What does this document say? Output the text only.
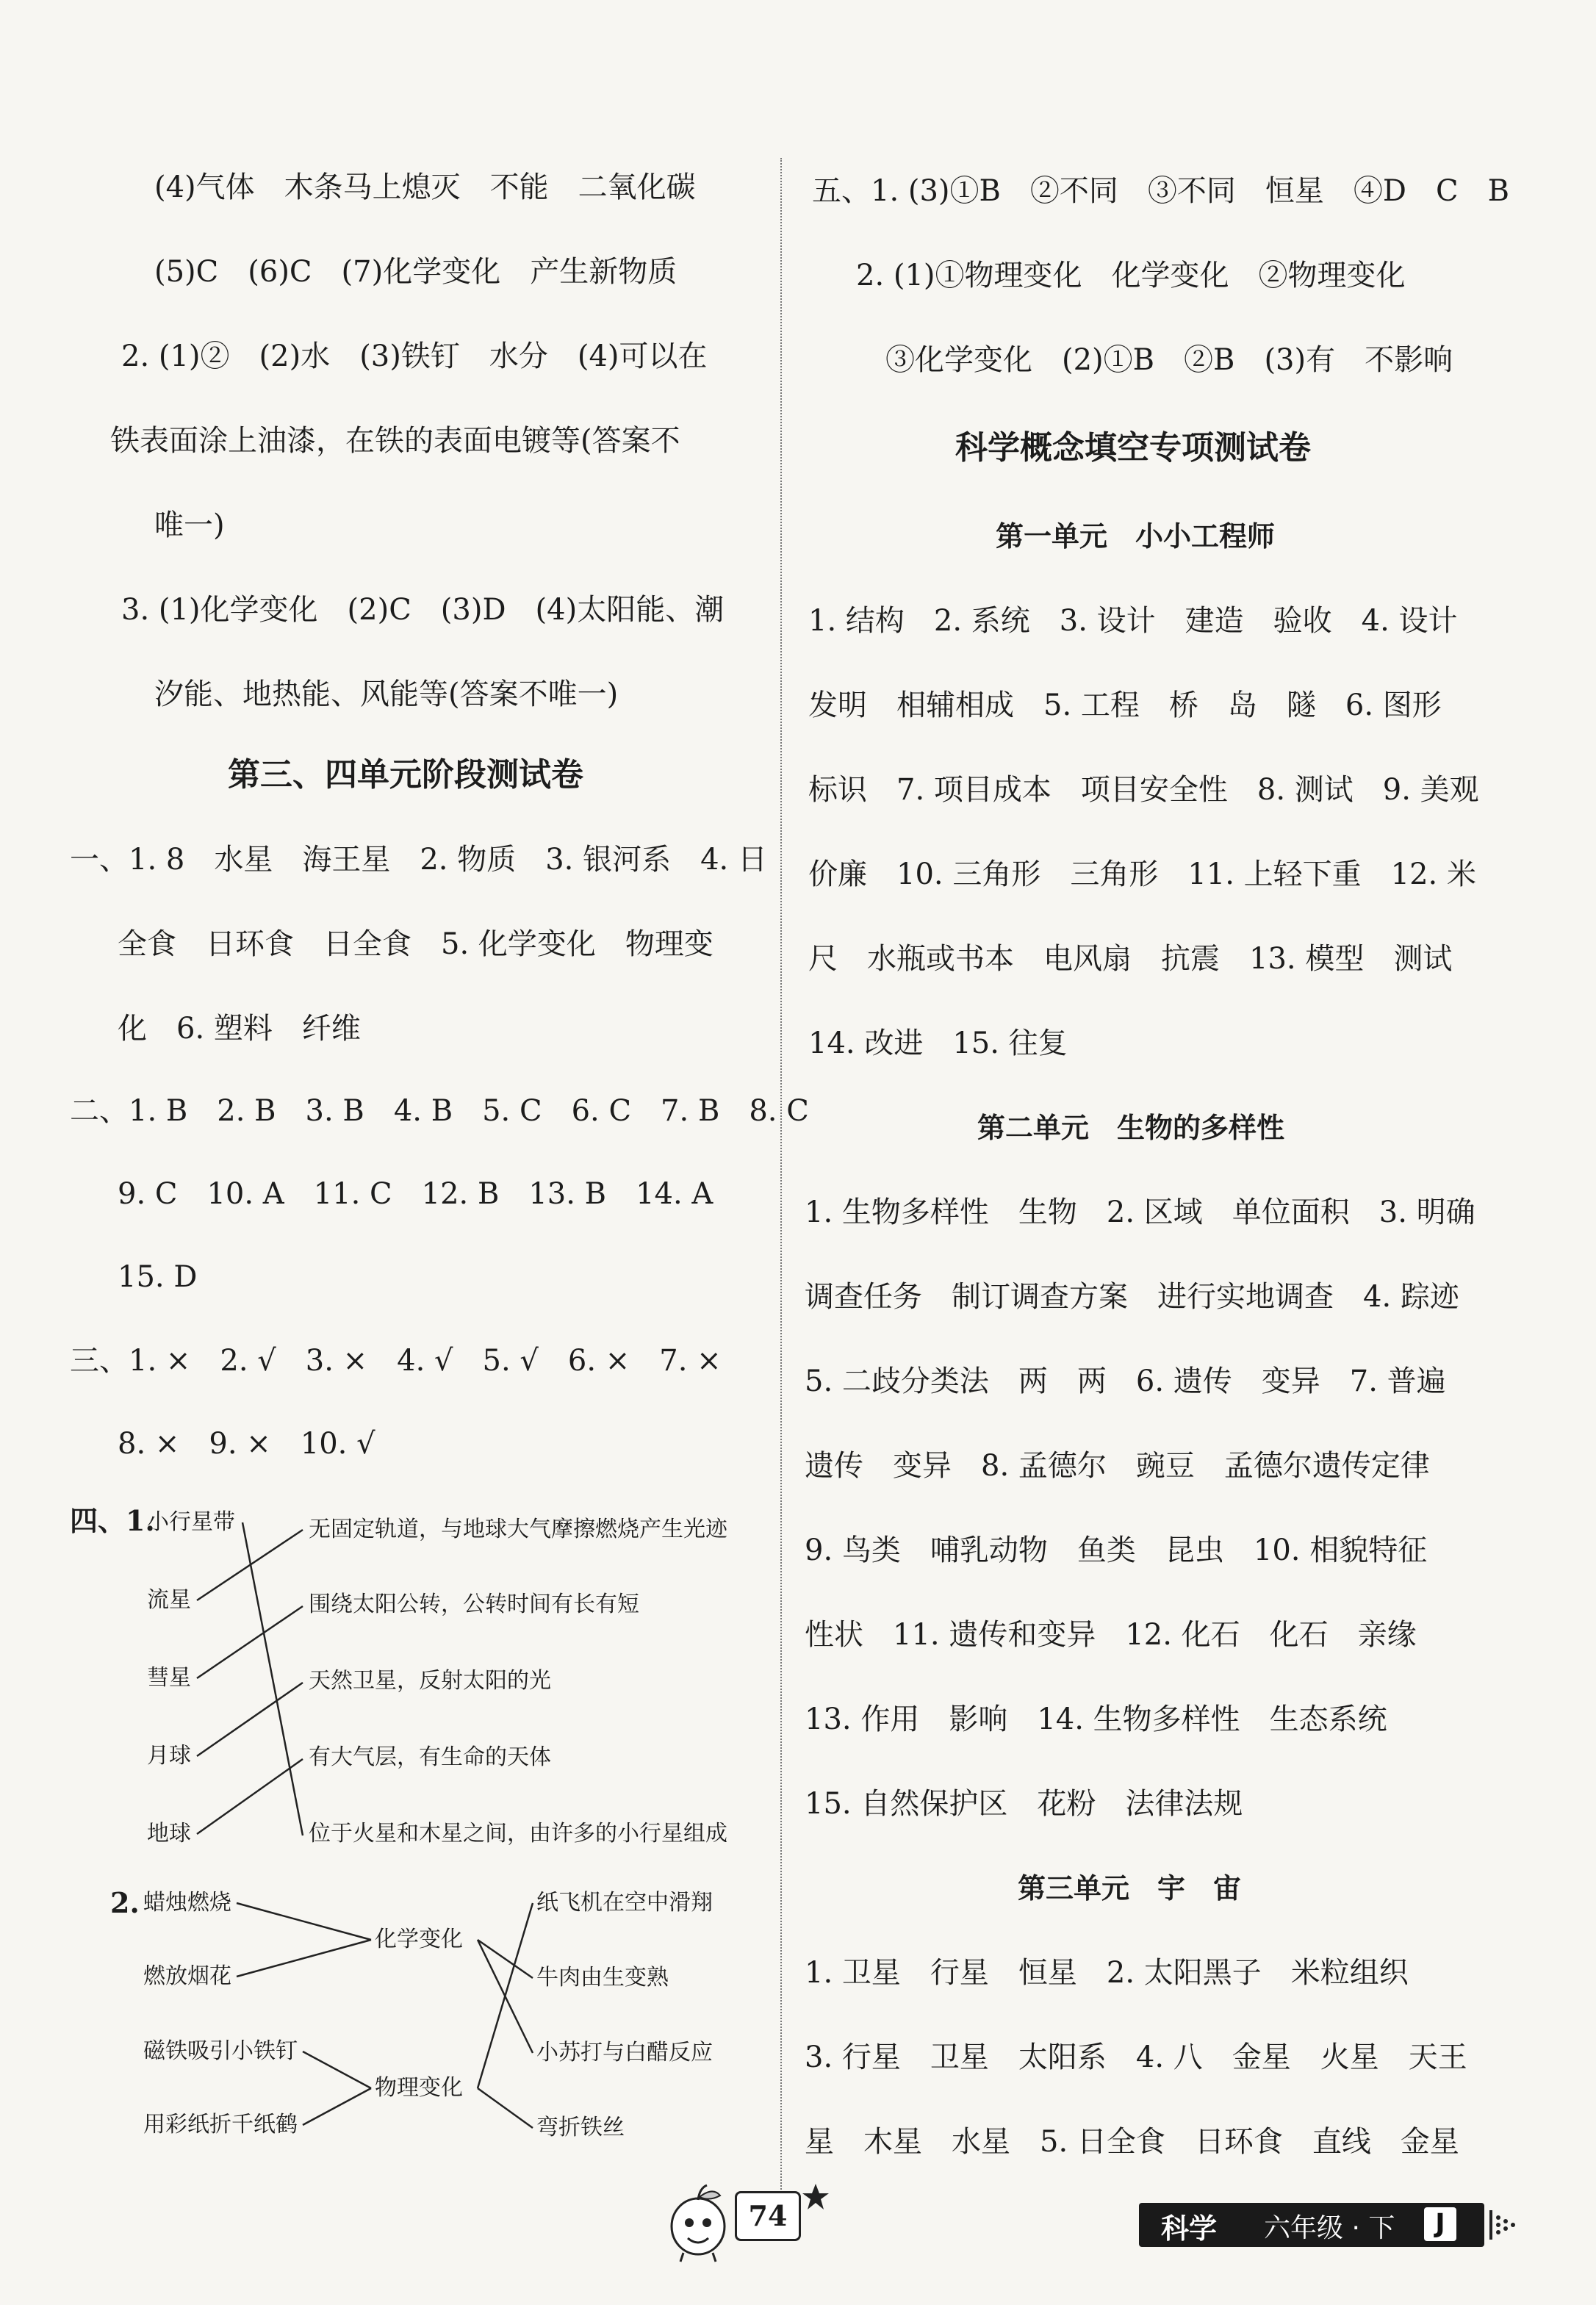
(4)气体　木条马上熄灭　不能　二氧化碳
(5)C　(6)C　(7)化学变化　产生新物质
2. (1)②　(2)水　(3)铁钉　水分　(4)可以在
铁表面涂上油漆，在铁的表面电镀等(答案不
唯一)
3. (1)化学变化　(2)C　(3)D　(4)太阳能、潮
汐能、地热能、风能等(答案不唯一)
第三、四单元阶段测试卷
一、1. 8　水星　海王星　2. 物质　3. 银河系　4. 日
全食　日环食　日全食　5. 化学变化　物理变
化　6. 塑料　纤维
二、1. B　2. B　3. B　4. B　5. C　6. C　7. B　8. C
9. C　10. A　11. C　12. B　13. B　14. A
15. D
三、1. ×　2. √　3. ×　4. √　5. √　6. ×　7. ×
8. ×　9. ×　10. √
四、1.
小行星带
流星
彗星
月球
地球
无固定轨道，与地球大气摩擦燃烧产生光迹
围绕太阳公转，公转时间有长有短
天然卫星，反射太阳的光
有大气层，有生命的天体
位于火星和木星之间，由许多的小行星组成
2. 蜡烛燃烧
燃放烟花
磁铁吸引小铁钉
用彩纸折千纸鹤
化学变化
物理变化
纸飞机在空中滑翔
牛肉由生变熟
小苏打与白醋反应
弯折铁丝
五、1. (3)①B　②不同　③不同　恒星　④D　C　B
2. (1)①物理变化　化学变化　②物理变化
③化学变化　(2)①B　②B　(3)有　不影响
科学概念填空专项测试卷
第一单元　小小工程师
1. 结构　2. 系统　3. 设计　建造　验收　4. 设计
发明　相辅相成　5. 工程　桥　岛　隧　6. 图形
标识　7. 项目成本　项目安全性　8. 测试　9. 美观
价廉　10. 三角形　三角形　11. 上轻下重　12. 米
尺　水瓶或书本　电风扇　抗震　13. 模型　测试
14. 改进　15. 往复
第二单元　生物的多样性
1. 生物多样性　生物　2. 区域　单位面积　3. 明确
调查任务　制订调查方案　进行实地调查　4. 踪迹
5. 二歧分类法　两　两　6. 遗传　变异　7. 普遍
遗传　变异　8. 孟德尔　豌豆　孟德尔遗传定律
9. 鸟类　哺乳动物　鱼类　昆虫　10. 相貌特征
性状　11. 遗传和变异　12. 化石　化石　亲缘
13. 作用　影响　14. 生物多样性　生态系统
15. 自然保护区　花粉　法律法规
第三单元　宇　宙
1. 卫星　行星　恒星　2. 太阳黑子　米粒组织
3. 行星　卫星　太阳系　4. 八　金星　火星　天王
星　木星　水星　5. 日全食　日环食　直线　金星
74	科学 六年级 · 下	J
